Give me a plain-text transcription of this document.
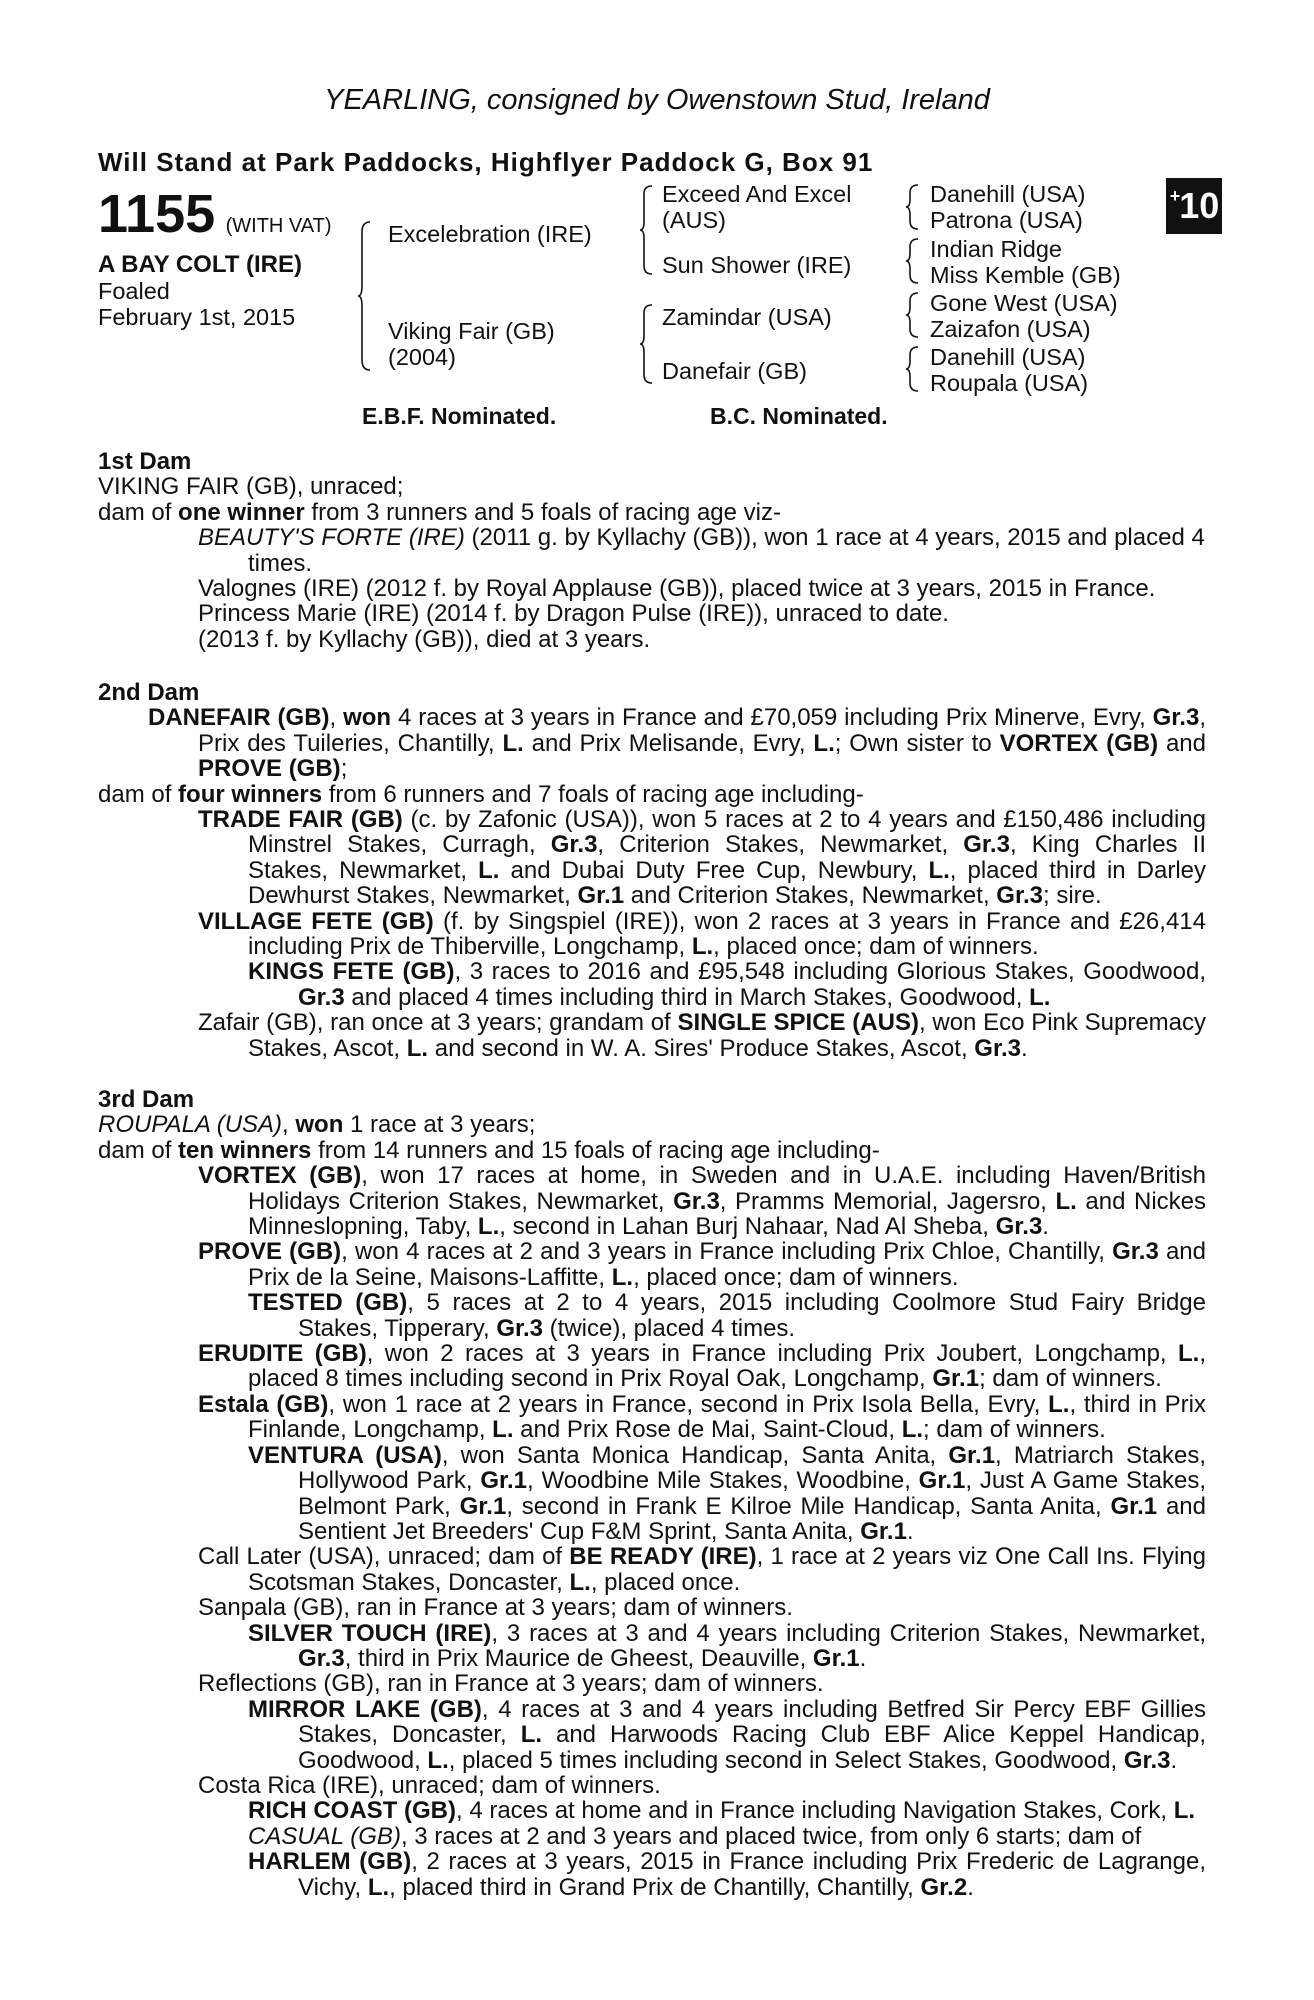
YEARLING, consigned by Owenstown Stud, Ireland
Will Stand at Park Paddocks, Highflyer Paddock G, Box 91
+ 10
1155 (WITH VAT)
A BAY COLT (IRE)
Foaled
February 1st, 2015
Excelebration (IRE)
Viking Fair (GB)
(2004)
Exceed And Excel
(AUS)
Sun Shower (IRE)
Zamindar (USA)
Danefair (GB)
Danehill (USA)
Patrona (USA)
Indian Ridge
Miss Kemble (GB)
Gone West (USA)
Zaizafon (USA)
Danehill (USA)
Roupala (USA)
E.B.F. Nominated.	B.C. Nominated.

1st Dam

VIKING FAIR (GB), unraced;

dam of one winner from 3 runners and 5 foals of racing age viz-

BEAUTY'S FORTE (IRE) (2011 g. by Kyllachy (GB)), won 1 race at 4 years, 2015 and placed 4 times.

Valognes (IRE) (2012 f. by Royal Applause (GB)), placed twice at 3 years, 2015 in France.

Princess Marie (IRE) (2014 f. by Dragon Pulse (IRE)), unraced to date.

(2013 f. by Kyllachy (GB)), died at 3 years.

2nd Dam

DANEFAIR (GB), won 4 races at 3 years in France and £70,059 including Prix Minerve, Evry, Gr.3, Prix des Tuileries, Chantilly, L. and Prix Melisande, Evry, L.; Own sister to VORTEX (GB) and PROVE (GB);

dam of four winners from 6 runners and 7 foals of racing age including-

TRADE FAIR (GB) (c. by Zafonic (USA)), won 5 races at 2 to 4 years and £150,486 including Minstrel Stakes, Curragh, Gr.3, Criterion Stakes, Newmarket, Gr.3, King Charles II Stakes, Newmarket, L. and Dubai Duty Free Cup, Newbury, L., placed third in Darley Dewhurst Stakes, Newmarket, Gr.1 and Criterion Stakes, Newmarket, Gr.3; sire.

VILLAGE FETE (GB) (f. by Singspiel (IRE)), won 2 races at 3 years in France and £26,414 including Prix de Thiberville, Longchamp, L., placed once; dam of winners.

KINGS FETE (GB), 3 races to 2016 and £95,548 including Glorious Stakes, Goodwood, Gr.3 and placed 4 times including third in March Stakes, Goodwood, L.

Zafair (GB), ran once at 3 years; grandam of SINGLE SPICE (AUS), won Eco Pink Supremacy Stakes, Ascot, L. and second in W. A. Sires' Produce Stakes, Ascot, Gr.3.

3rd Dam

ROUPALA (USA), won 1 race at 3 years;

dam of ten winners from 14 runners and 15 foals of racing age including-

VORTEX (GB), won 17 races at home, in Sweden and in U.A.E. including Haven/British Holidays Criterion Stakes, Newmarket, Gr.3, Pramms Memorial, Jagersro, L. and Nickes Minneslopning, Taby, L., second in Lahan Burj Nahaar, Nad Al Sheba, Gr.3.

PROVE (GB), won 4 races at 2 and 3 years in France including Prix Chloe, Chantilly, Gr.3 and Prix de la Seine, Maisons-Laffitte, L., placed once; dam of winners.

TESTED (GB), 5 races at 2 to 4 years, 2015 including Coolmore Stud Fairy Bridge Stakes, Tipperary, Gr.3 (twice), placed 4 times.

ERUDITE (GB), won 2 races at 3 years in France including Prix Joubert, Longchamp, L., placed 8 times including second in Prix Royal Oak, Longchamp, Gr.1; dam of winners.

Estala (GB), won 1 race at 2 years in France, second in Prix Isola Bella, Evry, L., third in Prix Finlande, Longchamp, L. and Prix Rose de Mai, Saint-Cloud, L.; dam of winners.

VENTURA (USA), won Santa Monica Handicap, Santa Anita, Gr.1, Matriarch Stakes, Hollywood Park, Gr.1, Woodbine Mile Stakes, Woodbine, Gr.1, Just A Game Stakes, Belmont Park, Gr.1, second in Frank E Kilroe Mile Handicap, Santa Anita, Gr.1 and Sentient Jet Breeders' Cup F&M Sprint, Santa Anita, Gr.1.

Call Later (USA), unraced; dam of BE READY (IRE), 1 race at 2 years viz One Call Ins. Flying Scotsman Stakes, Doncaster, L., placed once.

Sanpala (GB), ran in France at 3 years; dam of winners.

SILVER TOUCH (IRE), 3 races at 3 and 4 years including Criterion Stakes, Newmarket, Gr.3, third in Prix Maurice de Gheest, Deauville, Gr.1.

Reflections (GB), ran in France at 3 years; dam of winners.

MIRROR LAKE (GB), 4 races at 3 and 4 years including Betfred Sir Percy EBF Gillies Stakes, Doncaster, L. and Harwoods Racing Club EBF Alice Keppel Handicap, Goodwood, L., placed 5 times including second in Select Stakes, Goodwood, Gr.3.

Costa Rica (IRE), unraced; dam of winners.

RICH COAST (GB), 4 races at home and in France including Navigation Stakes, Cork, L.

CASUAL (GB), 3 races at 2 and 3 years and placed twice, from only 6 starts; dam of

HARLEM (GB), 2 races at 3 years, 2015 in France including Prix Frederic de Lagrange, Vichy, L., placed third in Grand Prix de Chantilly, Chantilly, Gr.2.
